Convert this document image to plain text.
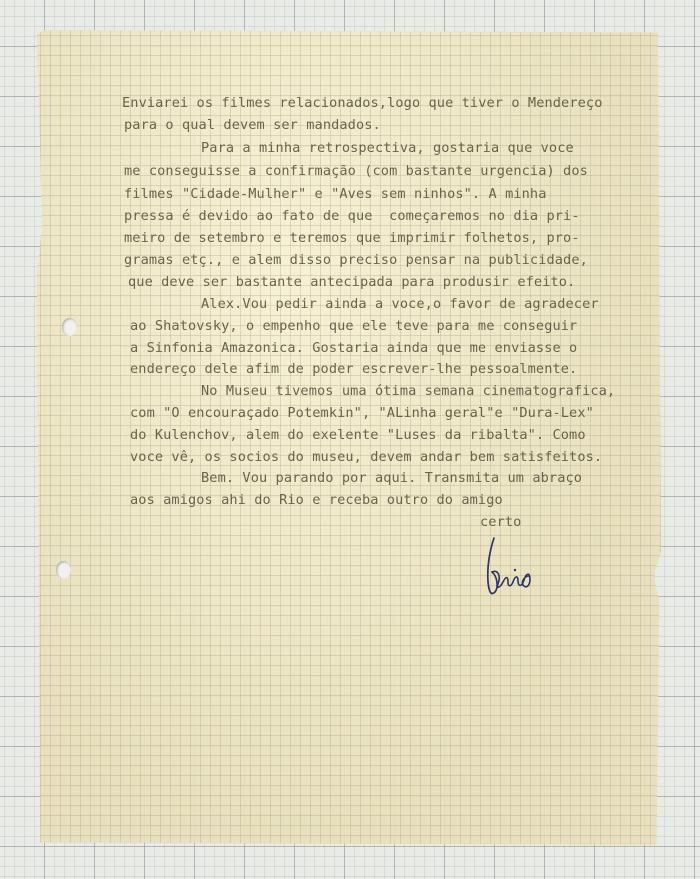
Enviarei os filmes relacionados,logo que tiver o Mendereço
para o qual devem ser mandados.
Para a minha retrospectiva, gostaria que voce
me conseguisse a confirmação (com bastante urgencia) dos
filmes "Cidade-Mulher" e "Aves sem ninhos". A minha
pressa é devido ao fato de que  começaremos no dia pri-
meiro de setembro e teremos que imprimir folhetos, pro-
gramas etç., e alem disso preciso pensar na publicidade,
que deve ser bastante antecipada para produsir efeito.
Alex.Vou pedir ainda a voce,o favor de agradecer
ao Shatovsky, o empenho que ele teve para me conseguir
a Sinfonia Amazonica. Gostaria ainda que me enviasse o
endereço dele afim de poder escrever-lhe pessoalmente.
No Museu tivemos uma ótima semana cinematografica,
com "O encouraçado Potemkin", "ALinha geral"e "Dura-Lex"
do Kulenchov, alem do exelente "Luses da ribalta". Como
voce vê, os socios do museu, devem andar bem satisfeitos.
Bem. Vou parando por aqui. Transmita um abraço
aos amigos ahi do Rio e receba outro do amigo
certo
